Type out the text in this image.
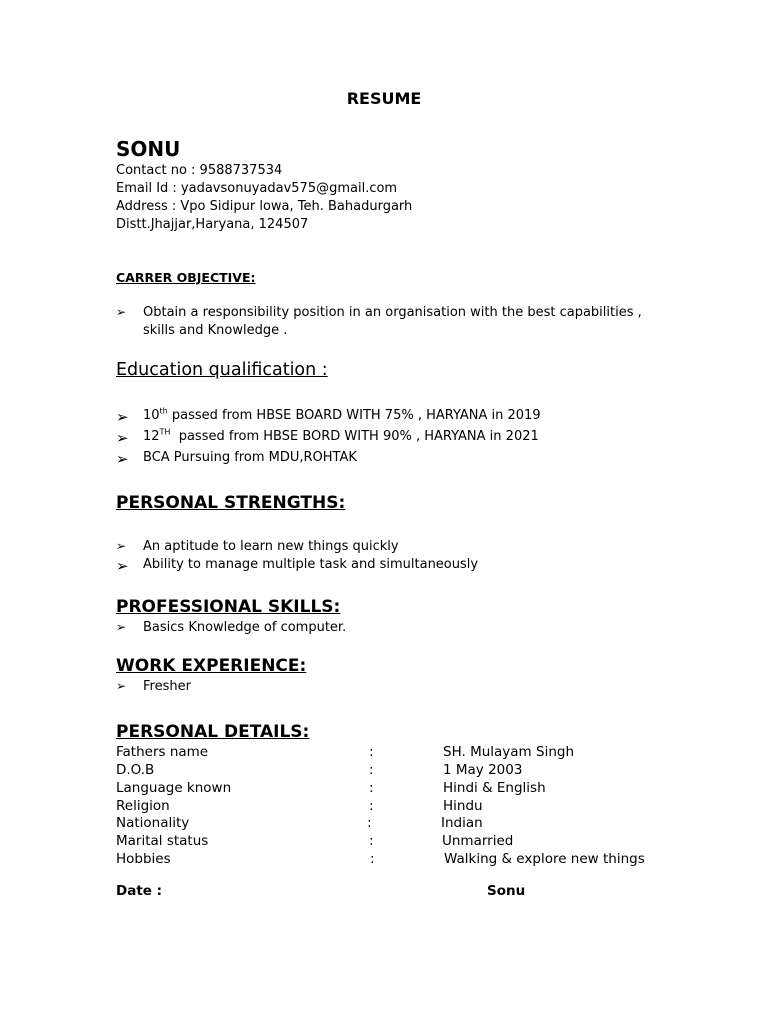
RESUME
SONU
Contact no : 9588737534
Email Id : yadavsonuyadav575@gmail.com
Address : Vpo Sidipur lowa, Teh. Bahadurgarh
Distt.Jhajjar,Haryana, 124507
CARRER OBJECTIVE:
➢	Obtain a responsibility position in an organisation with the best capabilities ,
skills and Knowledge .
Education qualification :
➢	10th passed from HBSE BOARD WITH 75% , HARYANA in 2019
➢	12TH  passed from HBSE BORD WITH 90% , HARYANA in 2021
➢	BCA Pursuing from MDU,ROHTAK
PERSONAL STRENGTHS:
➢	An aptitude to learn new things quickly
➢	Ability to manage multiple task and simultaneously
PROFESSIONAL SKILLS:
➢	Basics Knowledge of computer.
WORK EXPERIENCE:
➢	Fresher
PERSONAL DETAILS:
Fathers name	:	SH. Mulayam Singh
D.O.B	:	1 May 2003
Language known	:	Hindi & English
Religion	:	Hindu
Nationality	:	Indian
Marital status	:	Unmarried
Hobbies	:	Walking & explore new things
Date :	Sonu
